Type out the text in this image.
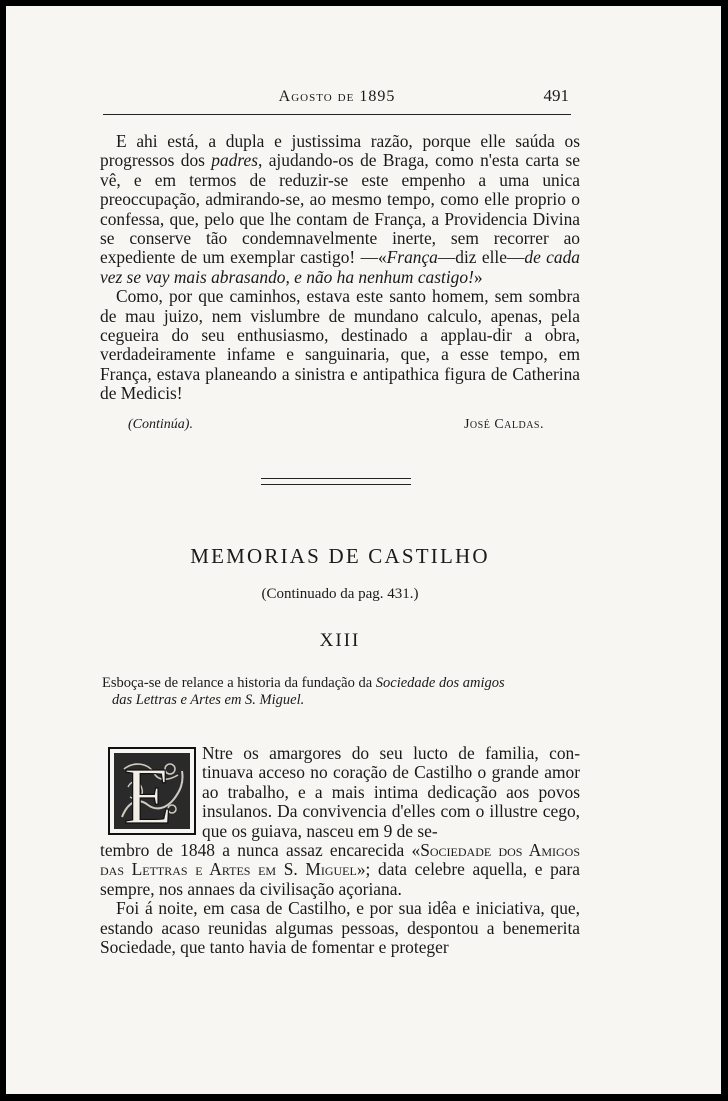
Agosto de 1895	491

E ahi está, a dupla e justissima razão, porque elle saúda os progressos dos padres, ajudando-os de Braga, como n'esta carta se vê, e em termos de reduzir-se este empenho a uma unica preoccupação, admirando-se, ao mesmo tempo, como elle proprio o confessa, que, pelo que lhe contam de França, a Providencia Divina se conserve tão condemnavelmente inerte, sem recorrer ao expediente de um exemplar castigo! —«França—diz elle—de cada vez se vay mais abrasando, e não ha nenhum castigo!»

Como, por que caminhos, estava este santo homem, sem sombra de mau juizo, nem vislumbre de mundano calculo, apenas, pela cegueira do seu enthusiasmo, destinado a applau-dir a obra, verdadeiramente infame e sanguinaria, que, a esse tempo, em França, estava planeando a sinistra e antipathica figura de Catherina de Medicis!

(Continúa).	José Caldas.
MEMORIAS DE CASTILHO
(Continuado da pag. 431.)
XIII
Esboça-se de relance a historia da fundação da Sociedade dos amigos
das Lettras e Artes em S. Miguel.
E	Ntre os amargores do seu lucto de familia, con- tinuava acceso no coração de Castilho o grande amor ao trabalho, e a mais intima dedicação aos povos insulanos. Da convivencia d'elles com o illustre cego, que os guiava, nasceu em 9 de se-
tembro de 1848 a nunca assaz encarecida «Sociedade dos Amigos das Lettras e Artes em S. Miguel»; data celebre aquella, e para sempre, nos annaes da civilisação açoriana.

Foi á noite, em casa de Castilho, e por sua idêa e iniciativa, que, estando acaso reunidas algumas pessoas, despontou a benemerita Sociedade, que tanto havia de fomentar e proteger
